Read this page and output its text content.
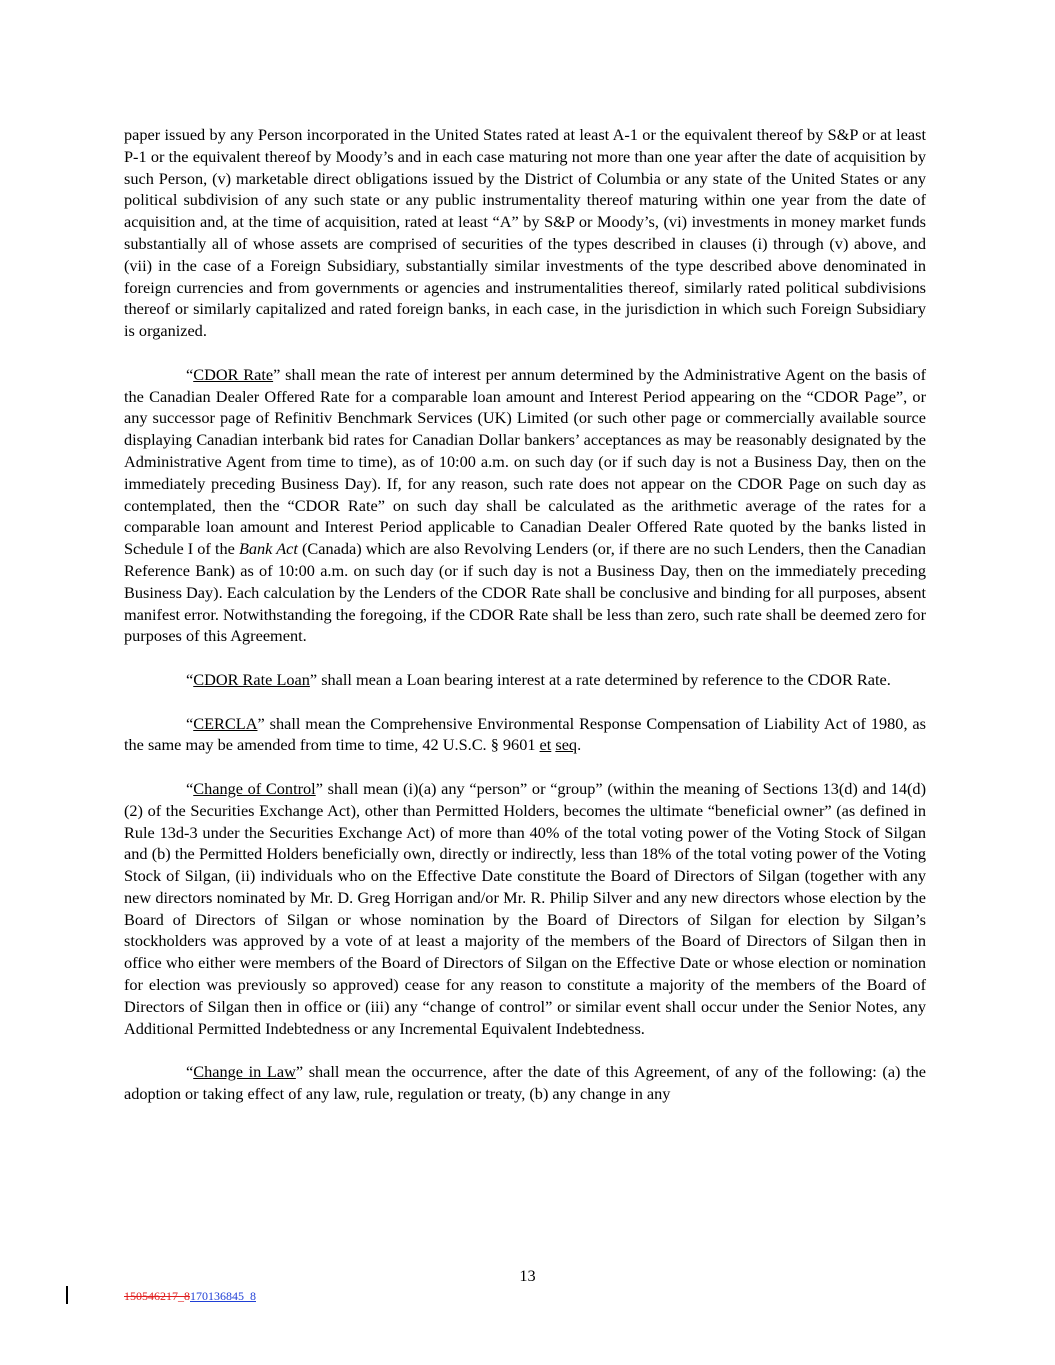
paper issued by any Person incorporated in the United States rated at least A-1 or the equivalent thereof by S&P or at least P-1 or the equivalent thereof by Moody’s and in each case maturing not more than one year after the date of acquisition by such Person, (v) marketable direct obligations issued by the District of Columbia or any state of the United States or any political subdivision of any such state or any public instrumentality thereof maturing within one year from the date of acquisition and, at the time of acquisition, rated at least “A” by S&P or Moody’s, (vi) investments in money market funds substantially all of whose assets are comprised of securities of the types described in clauses (i) through (v) above, and (vii) in the case of a Foreign Subsidiary, substantially similar investments of the type described above denominated in foreign currencies and from governments or agencies and instrumentalities thereof, similarly rated political subdivisions thereof or similarly capitalized and rated foreign banks, in each case, in the jurisdiction in which such Foreign Subsidiary is organized.

“CDOR Rate” shall mean the rate of interest per annum determined by the Administrative Agent on the basis of the Canadian Dealer Offered Rate for a comparable loan amount and Interest Period appearing on the “CDOR Page”, or any successor page of Refinitiv Benchmark Services (UK) Limited (or such other page or commercially available source displaying Canadian interbank bid rates for Canadian Dollar bankers’ acceptances as may be reasonably designated by the Administrative Agent from time to time), as of 10:00 a.m. on such day (or if such day is not a Business Day, then on the immediately preceding Business Day). If, for any reason, such rate does not appear on the CDOR Page on such day as contemplated, then the “CDOR Rate” on such day shall be calculated as the arithmetic average of the rates for a comparable loan amount and Interest Period applicable to Canadian Dealer Offered Rate quoted by the banks listed in Schedule I of the Bank Act (Canada) which are also Revolving Lenders (or, if there are no such Lenders, then the Canadian Reference Bank) as of 10:00 a.m. on such day (or if such day is not a Business Day, then on the immediately preceding Business Day). Each calculation by the Lenders of the CDOR Rate shall be conclusive and binding for all purposes, absent manifest error. Notwithstanding the foregoing, if the CDOR Rate shall be less than zero, such rate shall be deemed zero for purposes of this Agreement.

“CDOR Rate Loan” shall mean a Loan bearing interest at a rate determined by reference to the CDOR Rate.

“CERCLA” shall mean the Comprehensive Environmental Response Compensation of Liability Act of 1980, as the same may be amended from time to time, 42 U.S.C. § 9601 et seq.

“Change of Control” shall mean (i)(a) any “person” or “group” (within the meaning of Sections 13(d) and 14(d)(2) of the Securities Exchange Act), other than Permitted Holders, becomes the ultimate “beneficial owner” (as defined in Rule 13d-3 under the Securities Exchange Act) of more than 40% of the total voting power of the Voting Stock of Silgan and (b) the Permitted Holders beneficially own, directly or indirectly, less than 18% of the total voting power of the Voting Stock of Silgan, (ii) individuals who on the Effective Date constitute the Board of Directors of Silgan (together with any new directors nominated by Mr. D. Greg Horrigan and/or Mr. R. Philip Silver and any new directors whose election by the Board of Directors of Silgan or whose nomination by the Board of Directors of Silgan for election by Silgan’s stockholders was approved by a vote of at least a majority of the members of the Board of Directors of Silgan then in office who either were members of the Board of Directors of Silgan on the Effective Date or whose election or nomination for election was previously so approved) cease for any reason to constitute a majority of the members of the Board of Directors of Silgan then in office or (iii) any “change of control” or similar event shall occur under the Senior Notes, any Additional Permitted Indebtedness or any Incremental Equivalent Indebtedness.

“Change in Law” shall mean the occurrence, after the date of this Agreement, of any of the following: (a) the adoption or taking effect of any law, rule, regulation or treaty, (b) any change in any

13
150546217_8170136845_8
